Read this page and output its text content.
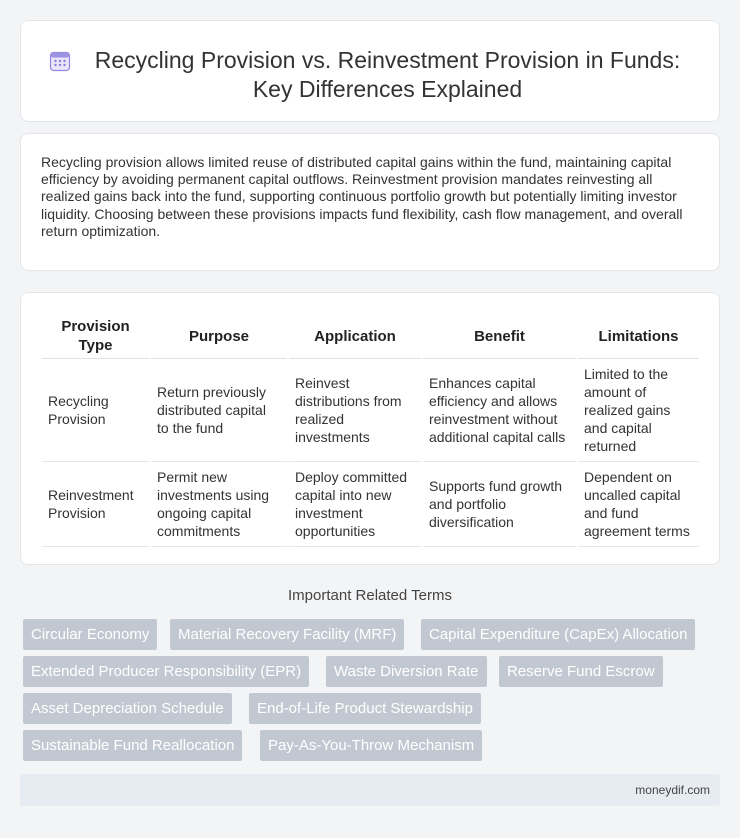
Recycling Provision vs. Reinvestment Provision in Funds: Key Differences Explained

Recycling provision allows limited reuse of distributed capital gains within the fund, maintaining capital efficiency by avoiding permanent capital outflows. Reinvestment provision mandates reinvesting all realized gains back into the fund, supporting continuous portfolio growth but potentially limiting investor liquidity. Choosing between these provisions impacts fund flexibility, cash flow management, and overall return optimization.

Provision Type	Purpose	Application	Benefit	Limitations
Recycling Provision	Return previously distributed capital to the fund	Reinvest distributions from realized investments	Enhances capital efficiency and allows reinvestment without additional capital calls	Limited to the amount of realized gains and capital returned
Reinvestment Provision	Permit new investments using ongoing capital commitments	Deploy committed capital into new investment opportunities	Supports fund growth and portfolio diversification	Dependent on uncalled capital and fund agreement terms
Important Related Terms
Circular Economy	Material Recovery Facility (MRF)	Capital Expenditure (CapEx) Allocation
Extended Producer Responsibility (EPR)	Waste Diversion Rate	Reserve Fund Escrow
Asset Depreciation Schedule	End-of-Life Product Stewardship
Sustainable Fund Reallocation	Pay-As-You-Throw Mechanism
moneydif.com
